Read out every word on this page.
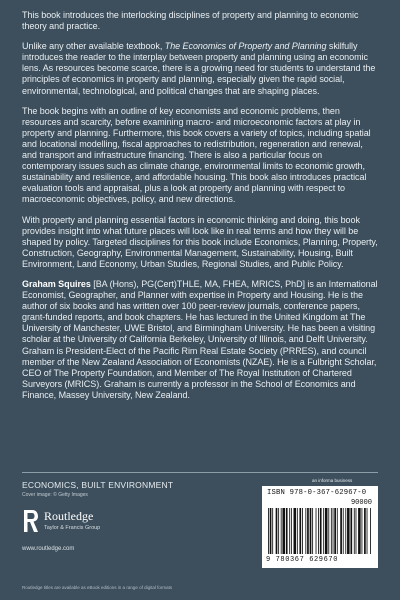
This book introduces the interlocking disciplines of property and planning to economic theory and practice.

Unlike any other available textbook, The Economics of Property and Planning skilfully introduces the reader to the interplay between property and planning using an economic lens. As resources become scarce, there is a growing need for students to understand the principles of economics in property and planning, especially given the rapid social, environmental, technological, and political changes that are shaping places.

The book begins with an outline of key economists and economic problems, then resources and scarcity, before examining macro- and microeconomic factors at play in property and planning. Furthermore, this book covers a variety of topics, including spatial and locational modelling, fiscal approaches to redistribution, regeneration and renewal, and transport and infrastructure financing. There is also a particular focus on contemporary issues such as climate change, environmental limits to economic growth, sustainability and resilience, and affordable housing. This book also introduces practical evaluation tools and appraisal, plus a look at property and planning with respect to macroeconomic objectives, policy, and new directions.

With property and planning essential factors in economic thinking and doing, this book provides insight into what future places will look like in real terms and how they will be shaped by policy. Targeted disciplines for this book include Economics, Planning, Property, Construction, Geography, Environmental Management, Sustainability, Housing, Built Environment, Land Economy, Urban Studies, Regional Studies, and Public Policy.

Graham Squires [BA (Hons), PG(Cert)THLE, MA, FHEA, MRICS, PhD] is an International Economist, Geographer, and Planner with expertise in Property and Housing. He is the author of six books and has written over 100 peer-review journals, conference papers, grant-funded reports, and book chapters. He has lectured in the United Kingdom at The University of Manchester, UWE Bristol, and Birmingham University. He has been a visiting scholar at the University of California Berkeley, University of Illinois, and Delft University. Graham is President-Elect of the Pacific Rim Real Estate Society (PRRES), and council member of the New Zealand Association of Economists (NZAE). He is a Fulbright Scholar, CEO of The Property Foundation, and Member of The Royal Institution of Chartered Surveyors (MRICS). Graham is currently a professor in the School of Economics and Finance, Massey University, New Zealand.

ECONOMICS, BUILT ENVIRONMENT
Cover image: © Getty Images
Routledge
Taylor & Francis Group
www.routledge.com
Routledge titles are available as eBook editions in a range of digital formats
an informa business
ISBN 978-0-367-62967-0
90000
9 780367 629670
